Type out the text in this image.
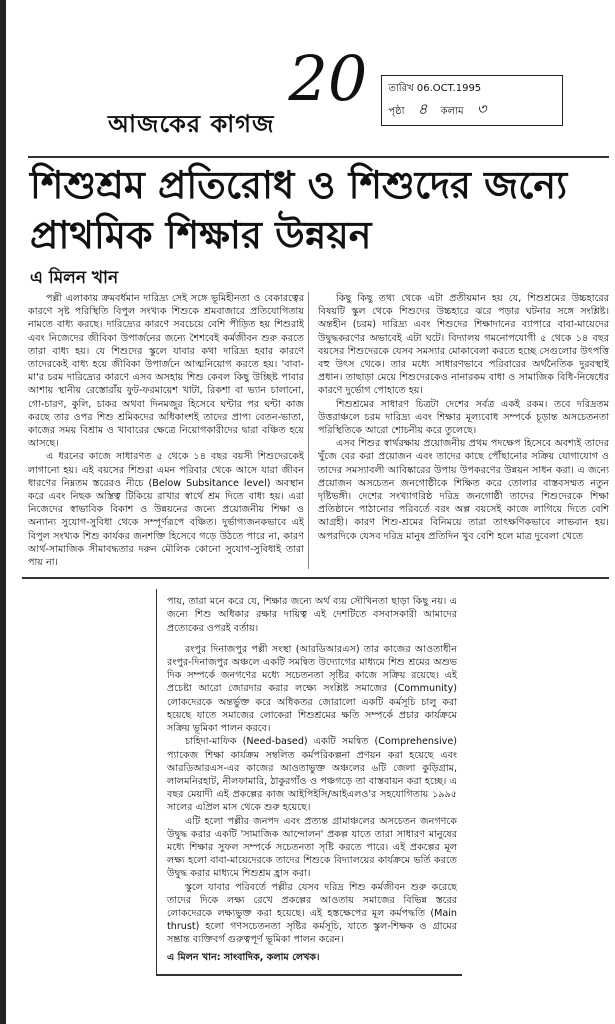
আজকের কাগজ
20 তারিখ 06.OCT.1995
পৃষ্ঠা ৪ কলাম ৩
শিশুশ্রম প্রতিরোধ ও শিশুদের জন্যে
প্রাথমিক শিক্ষার উন্নয়ন
এ মিলন খান

পল্লী এলাকায় ক্রমবর্ধমান দারিদ্র্য সেই সঙ্গে ভূমিহীনতা ও বেকারত্বের কারণে সৃষ্ট পরিস্থিতি বিপুল সংখ্যক শিশুকে শ্রমবাজারে প্রতিযোগিতায় নামতে বাধ্য করছে। দারিদ্র্যের কারণে সবচেয়ে বেশি পীড়িত হয় শিশুরাই এবং নিজেদের জীবিকা উপার্জনের জন্যে শৈশবেই কর্মজীবন শুরু করতে তারা বাধ্য হয়। যে শিশুদের স্কুলে যাবার কথা দারিদ্র্য হবার কারণে তাদেরকেই বাধ্য হয়ে জীবিকা উপার্জনে আত্মনিয়োগ করতে হয়। 'বাবা-মা'র চরম দারিদ্র্যের কারণে এসব অসহায় শিশু কেবল কিছু উচ্ছিষ্ট পাবার আশায় স্থানীয় রেস্তোরাঁয় ফুট-ফরমায়েশ খাটা, রিকশা বা ভ্যান চালানো, গো-চারণ, কুলি, চাকর অথবা দিনমজুর হিসেবে ঘন্টার পর ঘন্টা কাজ করছে তার ওপর শিশু শ্রমিকদের অধিকাংশই তাদের প্রাপ্য বেতন-ভাতা, কাজের সময় বিশ্রাম ও খাবারের ক্ষেত্রে নিয়োগকারীদের দ্বারা বঞ্চিত হয়ে আসছে।

এ ধরনের কাজে সাধারণত ৫ থেকে ১৪ বছর বয়সী শিশুদেরকেই লাগানো হয়। এই বয়সের শিশুরা এমন পরিবার থেকে আসে যারা জীবন ধারণের নিম্নতম স্তরেরও নীচে (Below Subsitance level) অবস্থান করে এবং নিছক অস্তিত্ব টিকিয়ে রাখার স্বার্থে শ্রম দিতে বাধ্য হয়। এরা নিজেদের স্বাভাবিক বিকাশ ও উন্নয়নের জন্যে প্রয়োজনীয় শিক্ষা ও অন্যান্য সুযোগ-সুবিধা থেকে সম্পূর্ণরূপে বঞ্চিত। দুর্ভাগ্যজনকভাবে এই বিপুল সংখ্যক শিশু কার্যকর জনশক্তি হিসেবে গড়ে উঠতে পারে না, কারণ আর্থ-সামাজিক সীমাবদ্ধতার দরুন মৌলিক কোনো সুযোগ-সুবিধাই তারা পায় না।

কিছু কিছু তথ্য থেকে এটা প্রতীয়মান হয় যে, শিশুশ্রমের উচ্চহারের বিষয়টি স্কুল থেকে শিশুদের উচ্চহারে ঝরে পড়ার ঘটনার সঙ্গে সংশ্লিষ্ট। অন্তহীন (চরম) দারিদ্র্য এবং শিশুদের শিক্ষাদানের ব্যাপারে বাবা-মায়েদের উদ্বুদ্ধকরণের অভাবেই এটা ঘটে। বিদ্যালয় গমনোপযোগী ৫ থেকে ১৪ বছর বয়সের শিশুদেরকে যেসব সমস্যার মোকাবেলা করতে হচ্ছে সেগুলোর উৎপত্তি বহু উৎস থেকে। তার মধ্যে সাধারণভাবে পরিবারের অর্থনৈতিক দুরবস্থাই প্রধান। তাছাড়া মেয়ে শিশুদেরকেও নানারকম বাধা ও সামাজিক বিধি-নিষেধের কারণে দুর্ভোগ পোহাতে হয়।

শিশুশ্রমের সাধারণ চিত্রটা দেশের সর্বত্র একই রকম। তবে দরিদ্রতম উত্তরাঞ্চলে চরম দারিদ্র্য এবং শিক্ষার মূল্যবোধ সম্পর্কে চূড়ান্ত অসচেতনতা পরিস্থিতিকে আরো শোচনীয় করে তুলেছে।

এসব শিশুর স্বার্থরক্ষায় প্রয়োজনীয় প্রথম পদক্ষেপ হিসেবে অবশ্যই তাদের খুঁজে বের করা প্রয়োজন এবং তাদের কাছে পৌঁছানোর সক্রিয় যোগাযোগ ও তাদের সমস্যাবলী আবিষ্কারের উপায় উপকরণের উন্নয়ন সাধন করা। এ জন্যে প্রয়োজন অসচেতন জনগোষ্ঠীকে শিক্ষিত করে তোলার বাস্তবসম্মত নতুন দৃষ্টিভঙ্গী। দেশের সংখ্যাগরিষ্ঠ দরিদ্র জনগোষ্ঠী তাদের শিশুদেরকে শিক্ষা প্রতিষ্ঠানে পাঠানোর পরিবর্তে বরং অল্প বয়সেই কাজে লাগিয়ে দিতে বেশি আগ্রহী। কারণ শিশু-শ্রমের বিনিময়ে তারা তাৎক্ষণিকভাবে লাভবান হয়। অপরদিকে যেসব দরিদ্র মানুষ প্রতিদিন খুব বেশি হলে মাত্র দুবেলা খেতে

পায়, তারা মনে করে যে, শিক্ষার জন্যে অর্থ ব্যয় সৌখিনতা ছাড়া কিছু নয়। এ জন্যে শিশু অধিকার রক্ষার দায়িত্ব এই দেশটিতে বসবাসকারী আমাদের প্রত্যেকের ওপরই বর্তায়।

রংপুর দিনাজপুর পল্লী সংস্থা (আরডিআরএস) তার কাজের আওতাধীন রংপুর-দিনাজপুর অঞ্চলে একটি সমন্বিত উদ্যোগের মাধ্যমে শিশু শ্রমের অশুভ দিক সম্পর্কে জনগণের মধ্যে সচেতনতা সৃষ্টির কাজে সক্রিয় রয়েছে। এই প্রচেষ্টা আরো জোরদার করার লক্ষ্যে সংশ্লিষ্ট সমাজের (Community) লোকদেরকে অন্তর্ভুক্ত করে অধিকতর জোরালো একটি কর্মসূচি চালু করা হয়েছে যাতে সমাজের লোকেরা শিশুশ্রমের ক্ষতি সম্পর্কে প্রচার কার্যক্রমে সক্রিয় ভূমিকা পালন করবে।

চাহিদা-মাফিক (Need-based) একটি সমন্বিত (Comprehensive) প্যাকেজ শিক্ষা কার্যক্রম সম্বলিত কর্মপরিকল্পনা প্রণয়ন করা হয়েছে এবং আরডিআরএস-এর কাজের আওতাভুক্ত অঞ্চলের ৬টি জেলা কুড়িগ্রাম, লালমনিরহাট, নীলফামারি, ঠাকুরগাঁও ও পঞ্চগড়ে তা বাস্তবায়ন করা হচ্ছে। এ বছর মেয়াদী এই প্রকল্পের কাজ আইপিইসি/আইএলও'র সহযোগিতায় ১৯৯৫ সালের এপ্রিল মাস থেকে শুরু হয়েছে।

এটি হলো পল্লীর জনপদ এবং প্রত্যন্ত গ্রামাঞ্চলের অসচেতন জনগণকে উদ্বুদ্ধ করার একটি 'সামাজিক আন্দোলন' প্রকল্প যাতে তারা সাধারণ মানুষের মধ্যে শিক্ষার সুফল সম্পর্কে সচেতনতা সৃষ্টি করতে পারে। এই প্রকল্পের মূল লক্ষ্য হলো বাবা-মায়েদেরকে তাদের শিশুকে বিদ্যালয়ের কার্যক্রমে ভর্তি করতে উদ্বুদ্ধ করার মাধ্যমে শিশুশ্রম হ্রাস করা।

স্কুলে যাবার পরিবর্তে পল্লীর যেসব দরিদ্র শিশু কর্মজীবন শুরু করেছে তাদের দিকে লক্ষ্য রেখে প্রকল্পের আওতায় সমাজের বিভিন্ন স্তরের লোকদেরকে লক্ষ্যভুক্ত করা হয়েছে। এই হস্তক্ষেপের মূল কর্মপদ্ধতি (Main thrust) হলো গণসচেতনতা সৃষ্টির কর্মসূচি, যাতে স্কুল-শিক্ষক ও গ্রামের সম্ভ্রান্ত ব্যক্তিবর্গ গুরুত্বপূর্ণ ভূমিকা পালন করেন।

এ মিলন খান: সাংবাদিক, কলাম লেখক।
